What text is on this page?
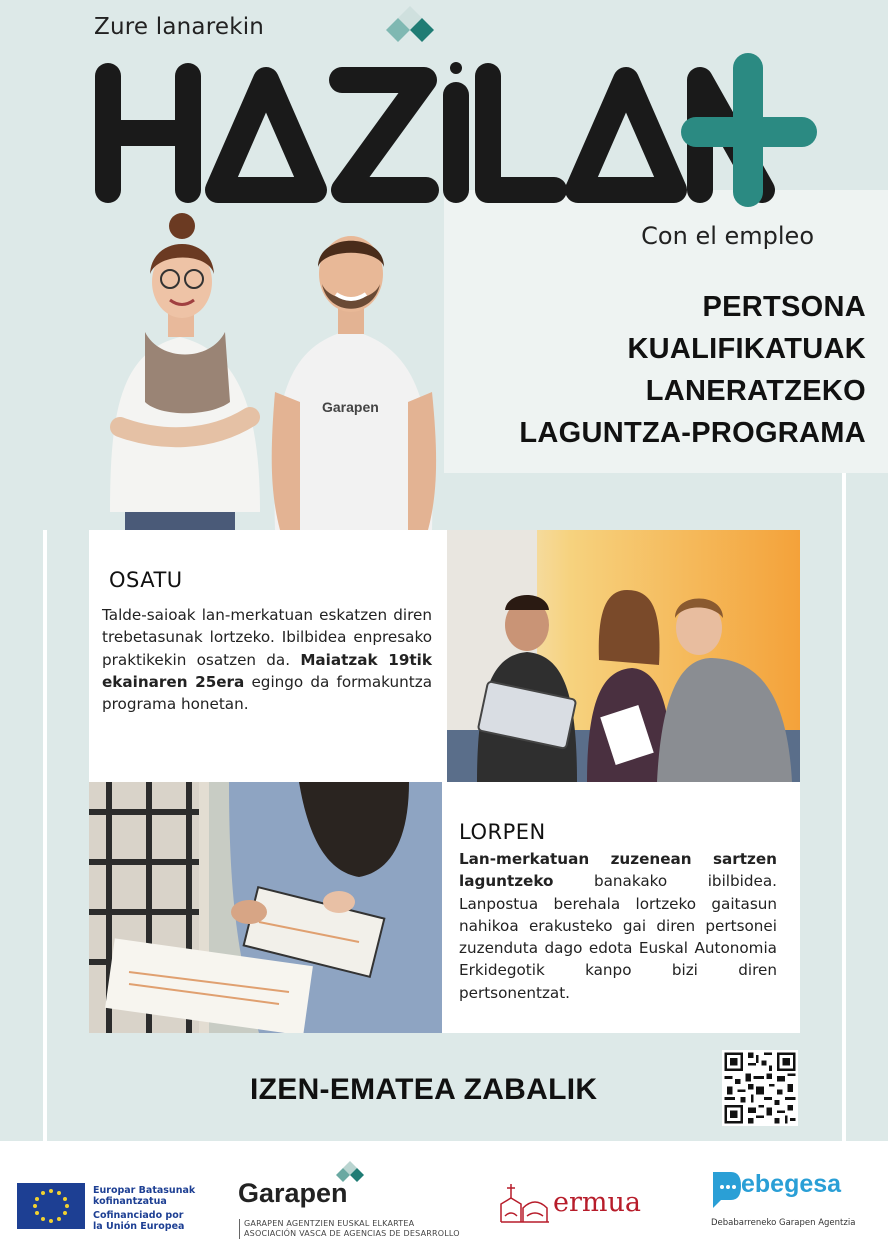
Zure lanarekin
Con el empleo
PERTSONA
KUALIFIKATUAK
LANERATZEKO
LAGUNTZA-PROGRAMA
Garapen
OSATU
Talde-saioak lan-merkatuan eskatzen diren trebetasunak lortzeko. Ibilbidea enpresako praktikekin osatzen da. Maiatzak 19tik ekainaren 25era egingo da formakuntza programa honetan.
LORPEN
Lan-merkatuan zuzenean sartzen laguntzeko banakako ibilbidea. Lanpostua berehala lortzeko gaitasun nahikoa erakusteko gai diren pertsonei zuzenduta dago edota Euskal Autonomia Erkidegotik kanpo bizi diren pertsonentzat.
IZEN-EMATEA ZABALIK
Europar Batasunak
kofinantzatua
Cofinanciado por
la Unión Europea
Garapen
GARAPEN AGENTZIEN EUSKAL ELKARTEA
ASOCIACIÓN VASCA DE AGENCIAS DE DESARROLLO
ermua
ebegesa
Debabarreneko Garapen Agentzia
